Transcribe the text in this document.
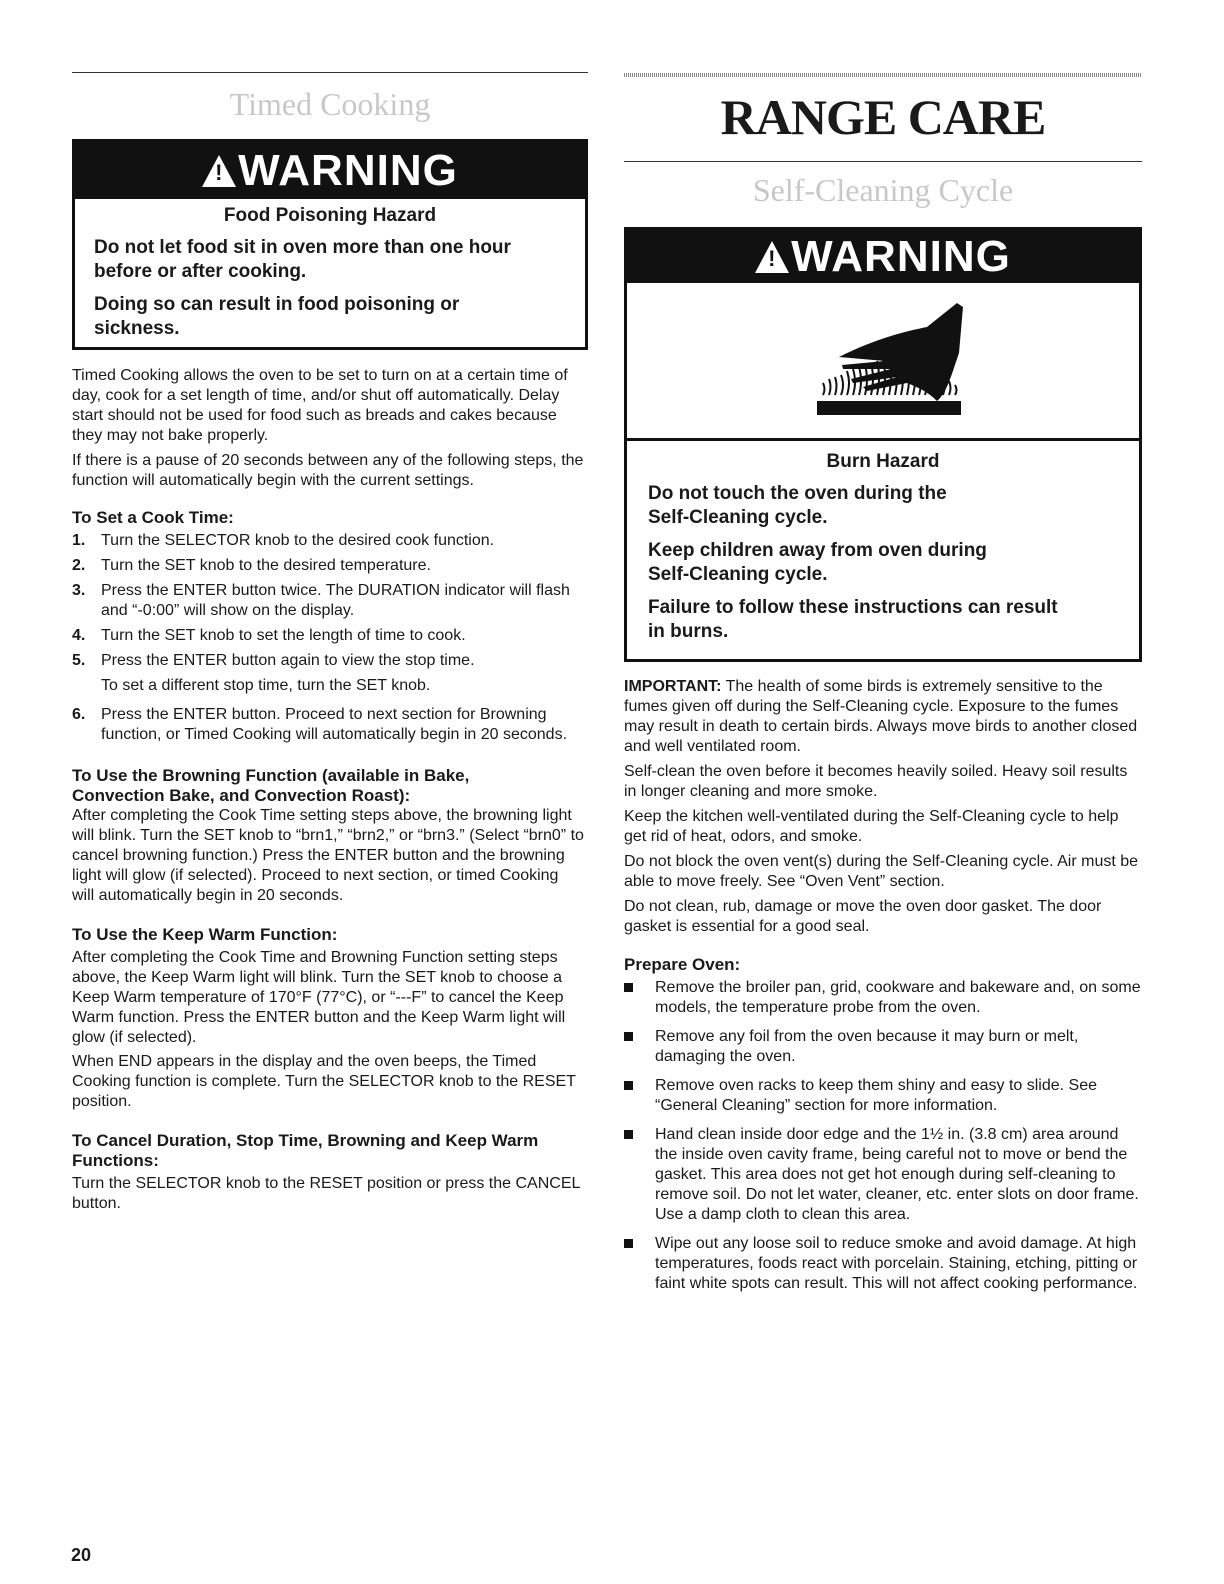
Timed Cooking
!WARNING
Food Poisoning Hazard
Do not let food sit in oven more than one hour before or after cooking.
Doing so can result in food poisoning or sickness.

Timed Cooking allows the oven to be set to turn on at a certain time of day, cook for a set length of time, and/or shut off automatically. Delay start should not be used for food such as breads and cakes because they may not bake properly.

If there is a pause of 20 seconds between any of the following steps, the function will automatically begin with the current settings.

To Set a Cook Time:
1. Turn the SELECTOR knob to the desired cook function.
2. Turn the SET knob to the desired temperature.
3. Press the ENTER button twice. The DURATION indicator will flash and “-0:00” will show on the display.
4. Turn the SET knob to set the length of time to cook.
5. Press the ENTER button again to view the stop time.
To set a different stop time, turn the SET knob.
6. Press the ENTER button. Proceed to next section for Browning function, or Timed Cooking will automatically begin in 20 seconds.
To Use the Browning Function (available in Bake, Convection Bake, and Convection Roast):

After completing the Cook Time setting steps above, the browning light will blink. Turn the SET knob to “brn1,” “brn2,” or “brn3.” (Select “brn0” to cancel browning function.) Press the ENTER button and the browning light will glow (if selected). Proceed to next section, or timed Cooking will automatically begin in 20 seconds.

To Use the Keep Warm Function:

After completing the Cook Time and Browning Function setting steps above, the Keep Warm light will blink. Turn the SET knob to choose a Keep Warm temperature of 170°F (77°C), or “---F” to cancel the Keep Warm function. Press the ENTER button and the Keep Warm light will glow (if selected).

When END appears in the display and the oven beeps, the Timed Cooking function is complete. Turn the SELECTOR knob to the RESET position.

To Cancel Duration, Stop Time, Browning and Keep Warm Functions:

Turn the SELECTOR knob to the RESET position or press the CANCEL button.

RANGE CARE
Self-Cleaning Cycle
!WARNING
Burn Hazard
Do not touch the oven during the Self-Cleaning cycle.
Keep children away from oven during Self-Cleaning cycle.
Failure to follow these instructions can result in burns.

IMPORTANT: The health of some birds is extremely sensitive to the fumes given off during the Self-Cleaning cycle. Exposure to the fumes may result in death to certain birds. Always move birds to another closed and well ventilated room.

Self-clean the oven before it becomes heavily soiled. Heavy soil results in longer cleaning and more smoke.

Keep the kitchen well-ventilated during the Self-Cleaning cycle to help get rid of heat, odors, and smoke.

Do not block the oven vent(s) during the Self-Cleaning cycle. Air must be able to move freely. See “Oven Vent” section.

Do not clean, rub, damage or move the oven door gasket. The door gasket is essential for a good seal.

Prepare Oven:
Remove the broiler pan, grid, cookware and bakeware and, on some models, the temperature probe from the oven.
Remove any foil from the oven because it may burn or melt, damaging the oven.
Remove oven racks to keep them shiny and easy to slide. See “General Cleaning” section for more information.
Hand clean inside door edge and the 1½ in. (3.8 cm) area around the inside oven cavity frame, being careful not to move or bend the gasket. This area does not get hot enough during self-cleaning to remove soil. Do not let water, cleaner, etc. enter slots on door frame. Use a damp cloth to clean this area.
Wipe out any loose soil to reduce smoke and avoid damage. At high temperatures, foods react with porcelain. Staining, etching, pitting or faint white spots can result. This will not affect cooking performance.
20
